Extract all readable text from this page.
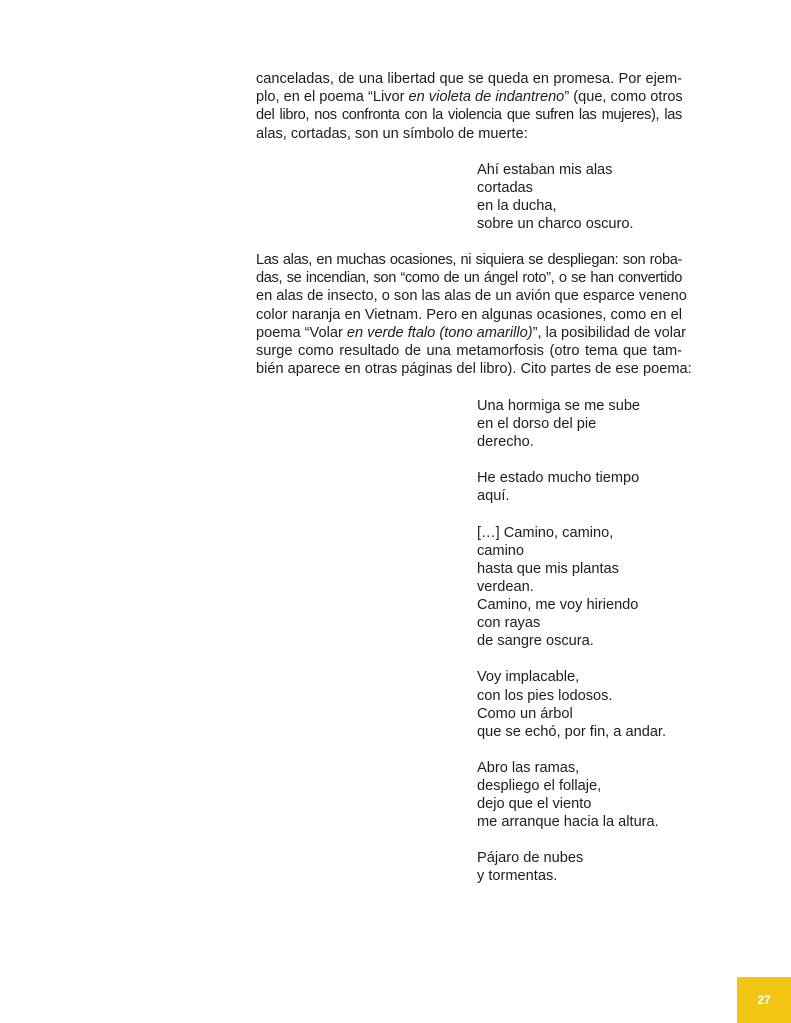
canceladas, de una libertad que se queda en promesa. Por ejem-
plo, en el poema “Livor en violeta de indantreno” (que, como otros
del libro, nos confronta con la violencia que sufren las mujeres), las
alas, cortadas, son un símbolo de muerte:

Ahí estaban mis alas
cortadas
en la ducha,
sobre un charco oscuro.

Las alas, en muchas ocasiones, ni siquiera se despliegan: son roba-
das, se incendian, son “como de un ángel roto”, o se han convertido
en alas de insecto, o son las alas de un avión que esparce veneno
color naranja en Vietnam. Pero en algunas ocasiones, como en el
poema “Volar en verde ftalo (tono amarillo)”, la posibilidad de volar
surge como resultado de una metamorfosis (otro tema que tam-
bién aparece en otras páginas del libro). Cito partes de ese poema:

Una hormiga se me sube
en el dorso del pie
derecho.
He estado mucho tiempo
aquí.
[…] Camino, camino,
camino
hasta que mis plantas
verdean.
Camino, me voy hiriendo
con rayas
de sangre oscura.
Voy implacable,
con los pies lodosos.
Como un árbol
que se echó, por fin, a andar.
Abro las ramas,
despliego el follaje,
dejo que el viento
me arranque hacia la altura.
Pájaro de nubes
y tormentas.
27
